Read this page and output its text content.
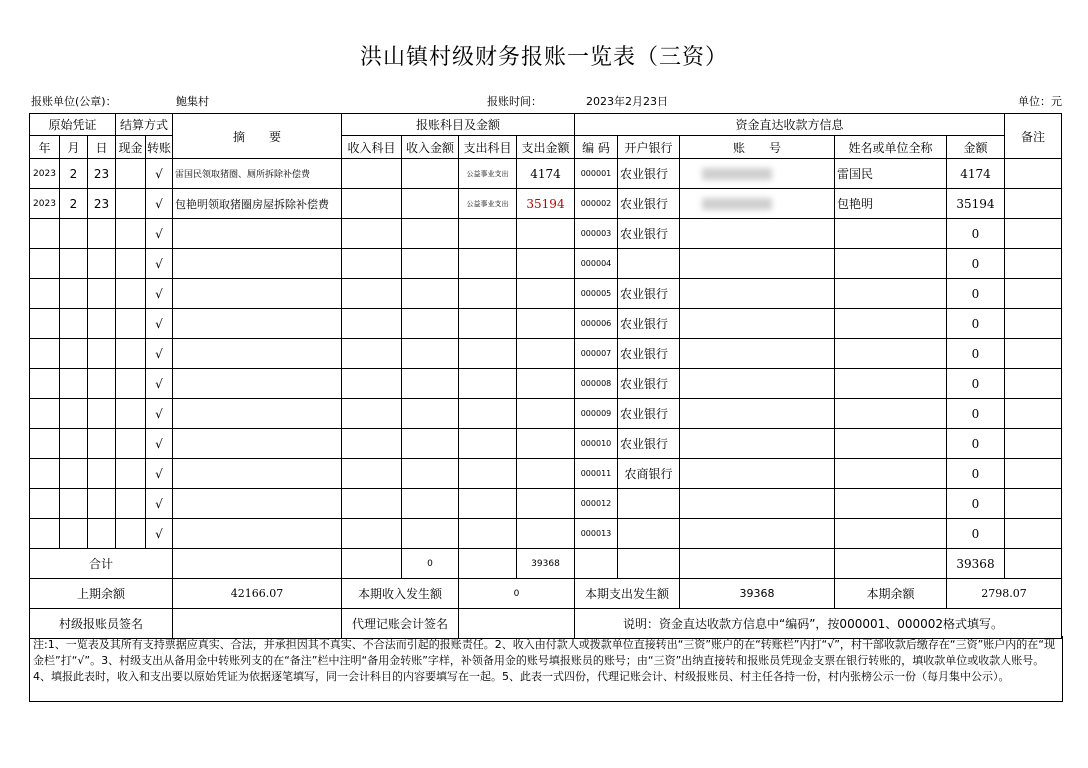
洪山镇村级财务报账一览表（三资）
报账单位(公章)：	鲍集村	报账时间：	2023年2月23日	单位：元
原始凭证			结算方式		摘　　要	报账科目及金额				资金直达收款方信息					备注
年	月	日	现金	转账		收入科目	收入金额	支出科目	支出金额	编 码	开户银行	账　　号	姓名或单位全称	金额	
2023	2	23		√	雷国民领取猪圈、厕所拆除补偿费			公益事业支出	4174	000001	农业银行		雷国民	4174	
2023	2	23		√	包艳明领取猪圈房屋拆除补偿费			公益事业支出	35194	000002	农业银行		包艳明	35194	
				√						000003	农业银行			0	
				√						000004				0	
				√						000005	农业银行			0	
				√						000006	农业银行			0	
				√						000007	农业银行			0	
				√						000008	农业银行			0	
				√						000009	农业银行			0	
				√						000010	农业银行			0	
				√						000011	农商银行			0	
				√						000012				0	
				√						000013				0	
合计							0		39368					39368	
上期余额					42166.07	本期收入发生额		0		本期支出发生额		39368	本期余额	2798.07	
村级报账员签名						代理记账会计签名				说明：资金直达收款方信息中“编码”，按000001、000002格式填写。					
注:1、一览表及其所有支持票据应真实、合法，并承担因其不真实、不合法而引起的报账责任。2、收入由付款人或拨款单位直接转出“三资”账户的在“转账栏”内打“√”，村干部收款后缴存在“三资”账户内的在“现金栏”打“√”。3、村级支出从备用金中转账列支的在“备注”栏中注明“备用金转账”字样，补领备用金的账号填报账员的账号；由“三资”出纳直接转和报账员凭现金支票在银行转账的，填收款单位或收款人账号。4、填报此表时，收入和支出要以原始凭证为依据逐笔填写，同一会计科目的内容要填写在一起。5、此表一式四份，代理记账会计、村级报账员、村主任各持一份，村内张榜公示一份（每月集中公示）。
